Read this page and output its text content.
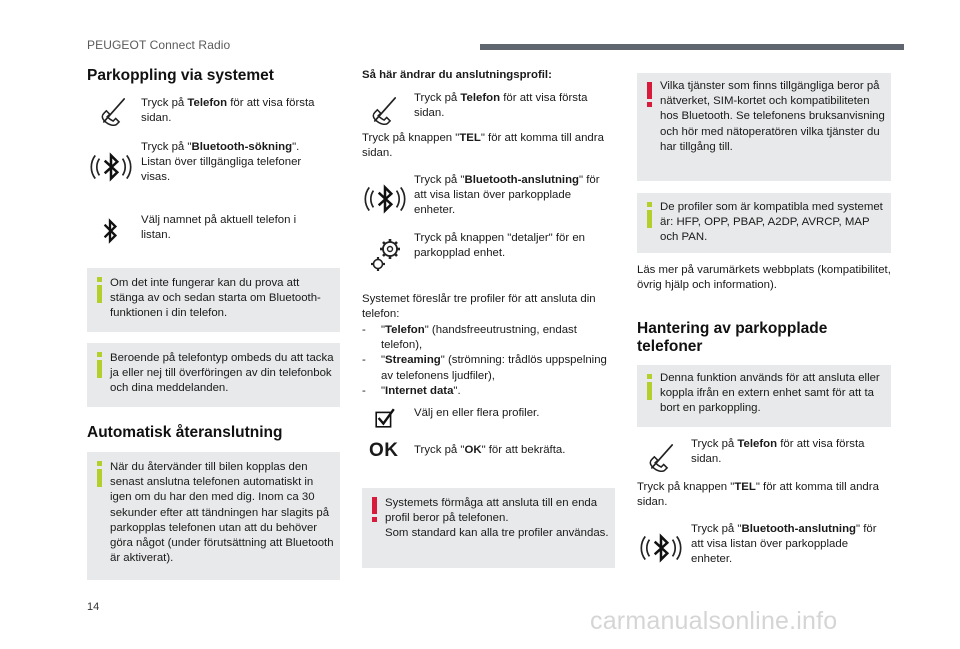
PEUGEOT Connect Radio
Parkoppling via systemet
Tryck på Telefon för att visa första sidan.
Tryck på "Bluetooth-sökning". Listan över tillgängliga telefoner visas.
Välj namnet på aktuell telefon i listan.
Om det inte fungerar kan du prova att stänga av och sedan starta om Bluetooth-funktionen i din telefon.
Beroende på telefontyp ombeds du att tacka ja eller nej till överföringen av din telefonbok och dina meddelanden.
Automatisk återanslutning
När du återvänder till bilen kopplas den senast anslutna telefonen automatiskt in igen om du har den med dig. Inom ca 30 sekunder efter att tändningen har slagits på parkopplas telefonen utan att du behöver göra något (under förutsättning att Bluetooth är aktiverat).
Så här ändrar du anslutningsprofil:
Tryck på Telefon för att visa första sidan.
Tryck på knappen "TEL" för att komma till andra sidan.
Tryck på "Bluetooth-anslutning" för att visa listan över parkopplade enheter.
Tryck på knappen "detaljer" för en parkopplad enhet.
Systemet föreslår tre profiler för att ansluta din telefon:
- "Telefon" (handsfreeutrustning, endast telefon),
- "Streaming" (strömning: trådlös uppspelning av telefonens ljudfiler),
- "Internet data".
Välj en eller flera profiler.
OK Tryck på "OK" för att bekräfta.
Systemets förmåga att ansluta till en enda profil beror på telefonen.
Som standard kan alla tre profiler användas.
Vilka tjänster som finns tillgängliga beror på nätverket, SIM-kortet och kompatibiliteten hos Bluetooth. Se telefonens bruksanvisning och hör med nätoperatören vilka tjänster du har tillgång till.
De profiler som är kompatibla med systemet är: HFP, OPP, PBAP, A2DP, AVRCP, MAP och PAN.
Läs mer på varumärkets webbplats (kompatibilitet, övrig hjälp och information).
Hantering av parkopplade telefoner
Denna funktion används för att ansluta eller koppla ifrån en extern enhet samt för att ta bort en parkoppling.
Tryck på Telefon för att visa första sidan.
Tryck på knappen "TEL" för att komma till andra sidan.
Tryck på "Bluetooth-anslutning" för att visa listan över parkopplade enheter.
14	carmanualsonline.info
